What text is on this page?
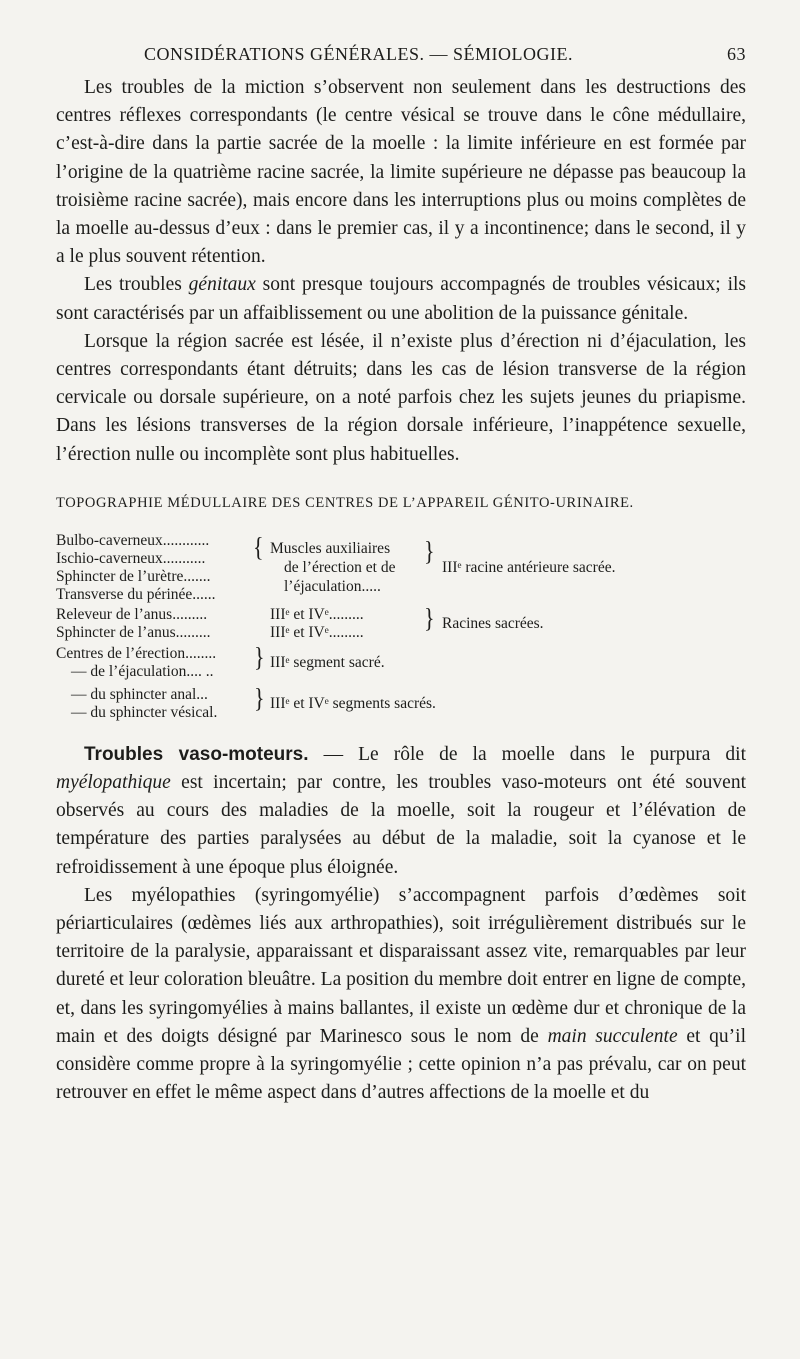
CONSIDÉRATIONS GÉNÉRALES. — SÉMIOLOGIE.	63

Les troubles de la miction s’observent non seulement dans les destructions des centres réflexes correspondants (le centre vésical se trouve dans le cône médullaire, c’est-à-dire dans la partie sacrée de la moelle : la limite inférieure en est formée par l’origine de la quatrième racine sacrée, la limite supérieure ne dépasse pas beaucoup la troisième racine sacrée), mais encore dans les interruptions plus ou moins complètes de la moelle au-dessus d’eux : dans le premier cas, il y a incontinence; dans le second, il y a le plus souvent rétention.

Les troubles génitaux sont presque toujours accompagnés de troubles vésicaux; ils sont caractérisés par un affaiblissement ou une abolition de la puissance génitale.

Lorsque la région sacrée est lésée, il n’existe plus d’érection ni d’éjaculation, les centres correspondants étant détruits; dans les cas de lésion transverse de la région cervicale ou dorsale supérieure, on a noté parfois chez les sujets jeunes du priapisme. Dans les lésions transverses de la région dorsale inférieure, l’inappétence sexuelle, l’érection nulle ou incomplète sont plus habituelles.

TOPOGRAPHIE MÉDULLAIRE DES CENTRES DE L’APPAREIL GÉNITO-URINAIRE.
Bulbo-caverneux............
Ischio-caverneux...........
Sphincter de l’urètre.......
Transverse du périnée......
{ Muscles auxiliaires
de l’érection et de
l’éjaculation.....
}
IIIᵉ racine antérieure sacrée.
Releveur de l’anus.........
Sphincter de l’anus.........
IIIᵉ et IVᵉ.........
IIIᵉ et IVᵉ.........	} Racines sacrées.
Centres de l’érection........
— de l’éjaculation.... .. } IIIᵉ segment sacré.
— du sphincter anal...
— du sphincter vésical. } IIIᵉ et IVᵉ segments sacrés.

Troubles vaso-moteurs. — Le rôle de la moelle dans le purpura dit myélopathique est incertain; par contre, les troubles vaso-moteurs ont été souvent observés au cours des maladies de la moelle, soit la rougeur et l’élévation de température des parties paralysées au début de la maladie, soit la cyanose et le refroidissement à une époque plus éloignée.

Les myélopathies (syringomyélie) s’accompagnent parfois d’œdèmes soit périarticulaires (œdèmes liés aux arthropathies), soit irrégulièrement distribués sur le territoire de la paralysie, apparaissant et disparaissant assez vite, remarquables par leur dureté et leur coloration bleuâtre. La position du membre doit entrer en ligne de compte, et, dans les syringomyélies à mains ballantes, il existe un œdème dur et chronique de la main et des doigts désigné par Marinesco sous le nom de main succulente et qu’il considère comme propre à la syringomyélie ; cette opinion n’a pas prévalu, car on peut retrouver en effet le même aspect dans d’autres affections de la moelle et du
